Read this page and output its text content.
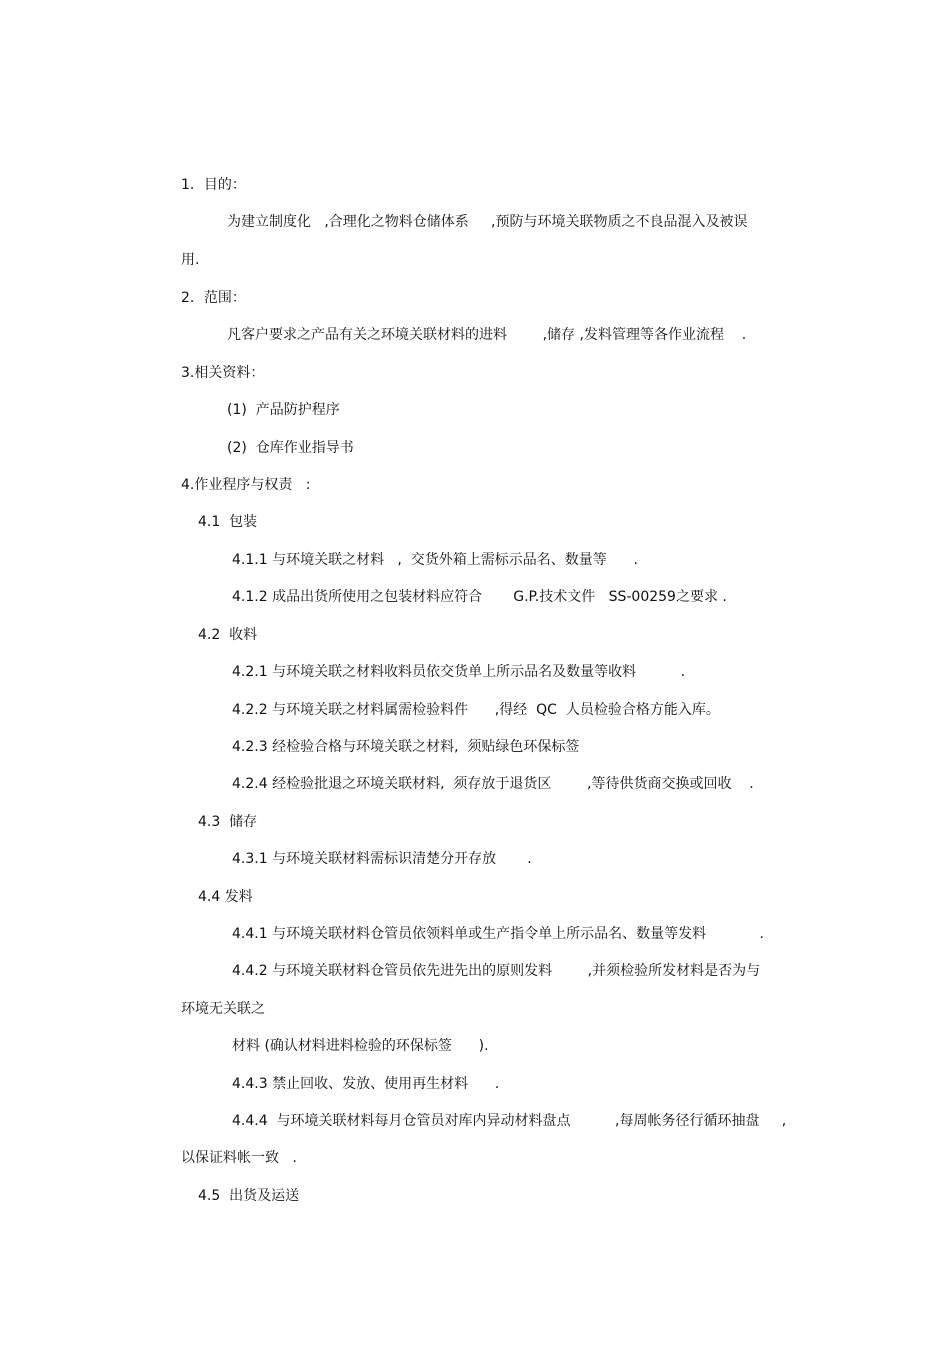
1．目的：
为建立制度化   ,合理化之物料仓储体系     ,预防与环境关联物质之不良品混入及被误
用.
2．范围：
凡客户要求之产品有关之环境关联材料的进料        ,储存 ,发料管理等各作业流程    .
3.相关资料：
(1)  产品防护程序
(2)  仓库作业指导书
4.作业程序与权责   :
4.1  包装
4.1.1 与环境关联之材料   ,  交货外箱上需标示品名、数量等      .
4.1.2 成品出货所使用之包装材料应符合       G.P.技术文件   SS-00259之要求 .
4.2  收料
4.2.1 与环境关联之材料收料员依交货单上所示品名及数量等收料          .
4.2.2 与环境关联之材料属需检验料件      ,得经  QC  人员检验合格方能入库。
4.2.3 经检验合格与环境关联之材料,  须贴绿色环保标签
4.2.4 经检验批退之环境关联材料,  须存放于退货区        ,等待供货商交换或回收    .
4.3  储存
4.3.1 与环境关联材料需标识清楚分开存放       .
4.4 发料
4.4.1 与环境关联材料仓管员依领料单或生产指令单上所示品名、数量等发料            .
4.4.2 与环境关联材料仓管员依先进先出的原则发料        ,并须检验所发材料是否为与
环境无关联之
材料 (确认材料进料检验的环保标签      ).
4.4.3 禁止回收、发放、使用再生材料      .
4.4.4  与环境关联材料每月仓管员对库内异动材料盘点          ,每周帐务径行循环抽盘     ,
以保证料帐一致   .
4.5  出货及运送
